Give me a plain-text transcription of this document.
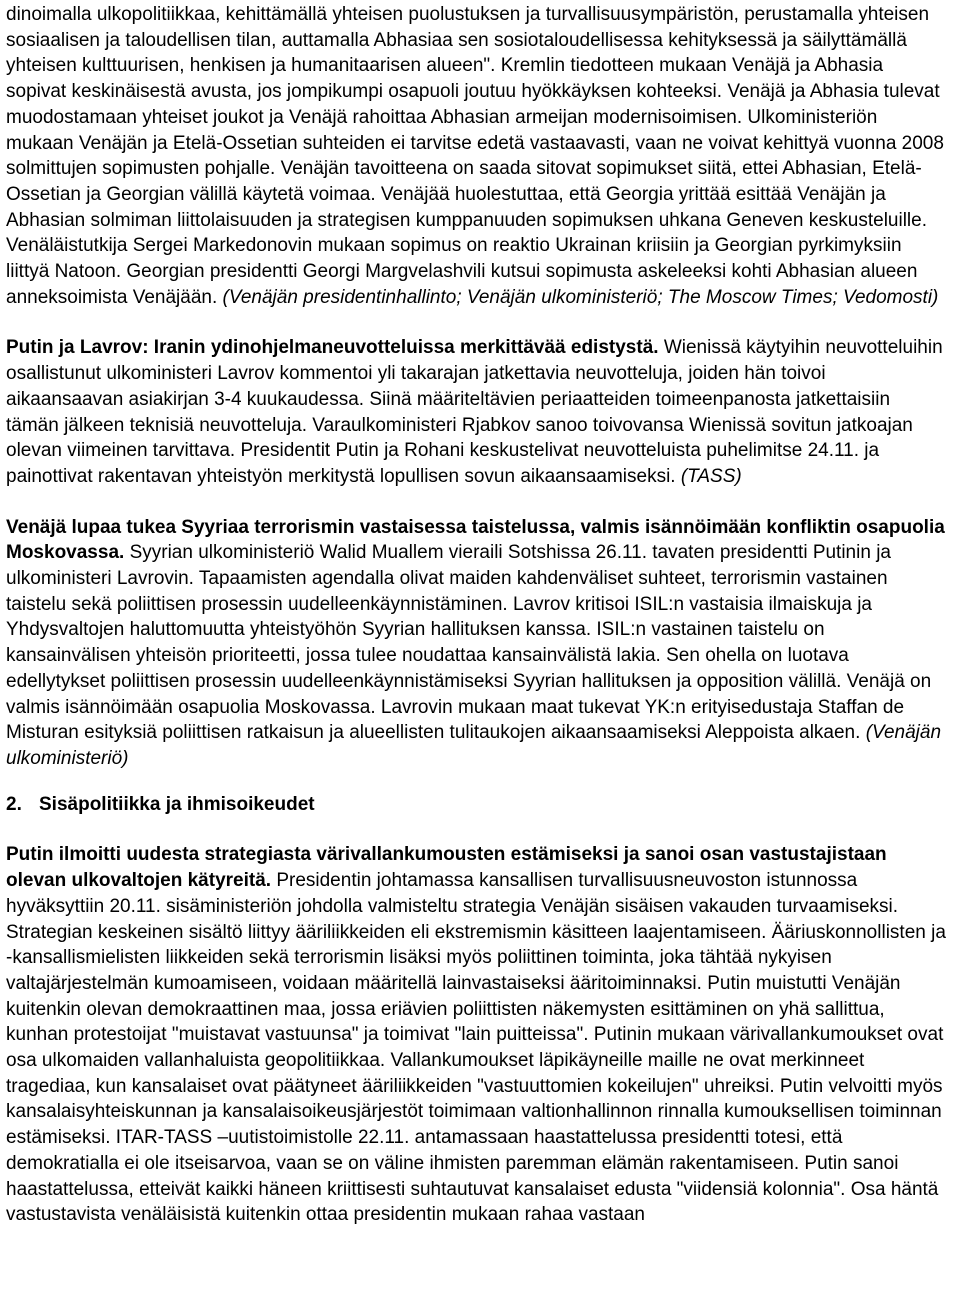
dinoimalla ulkopolitiikkaa, kehittämällä yhteisen puolustuksen ja turvallisuusympäristön, perustamalla yhteisen sosiaalisen ja taloudellisen tilan, auttamalla Abhasiaa sen sosiotaloudellisessa kehityksessä ja säilyttämällä yhteisen kulttuurisen, henkisen ja humanitaarisen alueen". Kremlin tiedotteen mukaan Venäjä ja Abhasia sopivat keskinäisestä avusta, jos jompikumpi osapuoli joutuu hyökkäyksen kohteeksi. Venäjä ja Abhasia tulevat muodostamaan yhteiset joukot ja Venäjä rahoittaa Abhasian armeijan modernisoimisen. Ulkoministeriön mukaan Venäjän ja Etelä-Ossetian suhteiden ei tarvitse edetä vastaavasti, vaan ne voivat kehittyä vuonna 2008 solmittujen sopimusten pohjalle. Venäjän tavoitteena on saada sitovat sopimukset siitä, ettei Abhasian, Etelä-Ossetian ja Georgian välillä käytetä voimaa. Venäjää huolestuttaa, että Georgia yrittää esittää Venäjän ja Abhasian solmiman liittolaisuuden ja strategisen kumppanuuden sopimuksen uhkana Geneven keskusteluille. Venäläistutkija Sergei Markedonovin mukaan sopimus on reaktio Ukrainan kriisiin ja Georgian pyrkimyksiin liittyä Natoon. Georgian presidentti Georgi Margvelashvili kutsui sopimusta askeleeksi kohti Abhasian alueen anneksoimista Venäjään. (Venäjän presidentinhallinto; Venäjän ulkoministeriö; The Moscow Times; Vedomosti)

Putin ja Lavrov: Iranin ydinohjelmaneuvotteluissa merkittävää edistystä. Wienissä käytyihin neuvotteluihin osallistunut ulkoministeri Lavrov kommentoi yli takarajan jatkettavia neuvotteluja, joiden hän toivoi aikaansaavan asiakirjan 3-4 kuukaudessa. Siinä määriteltävien periaatteiden toimeenpanosta jatkettaisiin tämän jälkeen teknisiä neuvotteluja. Varaulkoministeri Rjabkov sanoo toivovansa Wienissä sovitun jatkoajan olevan viimeinen tarvittava. Presidentit Putin ja Rohani keskustelivat neuvotteluista puhelimitse 24.11. ja painottivat rakentavan yhteistyön merkitystä lopullisen sovun aikaansaamiseksi. (TASS)

Venäjä lupaa tukea Syyriaa terrorismin vastaisessa taistelussa, valmis isännöimään konfliktin osapuolia Moskovassa. Syyrian ulkoministeriö Walid Muallem vieraili Sotshissa 26.11. tavaten presidentti Putinin ja ulkoministeri Lavrovin. Tapaamisten agendalla olivat maiden kahdenväliset suhteet, terrorismin vastainen taistelu sekä poliittisen prosessin uudelleenkäynnistäminen. Lavrov kritisoi ISIL:n vastaisia ilmaiskuja ja Yhdysvaltojen haluttomuutta yhteistyöhön Syyrian hallituksen kanssa. ISIL:n vastainen taistelu on kansainvälisen yhteisön prioriteetti, jossa tulee noudattaa kansainvälistä lakia. Sen ohella on luotava edellytykset poliittisen prosessin uudelleenkäynnistämiseksi Syyrian hallituksen ja opposition välillä. Venäjä on valmis isännöimään osapuolia Moskovassa. Lavrovin mukaan maat tukevat YK:n erityisedustaja Staffan de Misturan esityksiä poliittisen ratkaisun ja alueellisten tulitaukojen aikaansaamiseksi Aleppoista alkaen. (Venäjän ulkoministeriö)

2. Sisäpolitiikka ja ihmisoikeudet

Putin ilmoitti uudesta strategiasta värivallankumousten estämiseksi ja sanoi osan vastustajistaan olevan ulkovaltojen kätyreitä. Presidentin johtamassa kansallisen turvallisuusneuvoston istunnossa hyväksyttiin 20.11. sisäministeriön johdolla valmisteltu strategia Venäjän sisäisen vakauden turvaamiseksi. Strategian keskeinen sisältö liittyy ääriliikkeiden eli ekstremismin käsitteen laajentamiseen. Ääriuskonnollisten ja -kansallismielisten liikkeiden sekä terrorismin lisäksi myös poliittinen toiminta, joka tähtää nykyisen valtajärjestelmän kumoamiseen, voidaan määritellä lainvastaiseksi ääritoiminnaksi. Putin muistutti Venäjän kuitenkin olevan demokraattinen maa, jossa eriävien poliittisten näkemysten esittäminen on yhä sallittua, kunhan protestoijat "muistavat vastuunsa" ja toimivat "lain puitteissa". Putinin mukaan värivallankumoukset ovat osa ulkomaiden vallanhaluista geopolitiikkaa. Vallankumoukset läpikäyneille maille ne ovat merkinneet tragediaa, kun kansalaiset ovat päätyneet ääriliikkeiden "vastuuttomien kokeilujen" uhreiksi. Putin velvoitti myös kansalaisyhteiskunnan ja kansalaisoikeusjärjestöt toimimaan valtionhallinnon rinnalla kumouksellisen toiminnan estämiseksi. ITAR-TASS –uutistoimistolle 22.11. antamassaan haastattelussa presidentti totesi, että demokratialla ei ole itseisarvoa, vaan se on väline ihmisten paremman elämän rakentamiseen. Putin sanoi haastattelussa, etteivät kaikki häneen kriittisesti suhtautuvat kansalaiset edusta "viidensiä kolonnia". Osa häntä vastustavista venäläisistä kuitenkin ottaa presidentin mukaan rahaa vastaan
